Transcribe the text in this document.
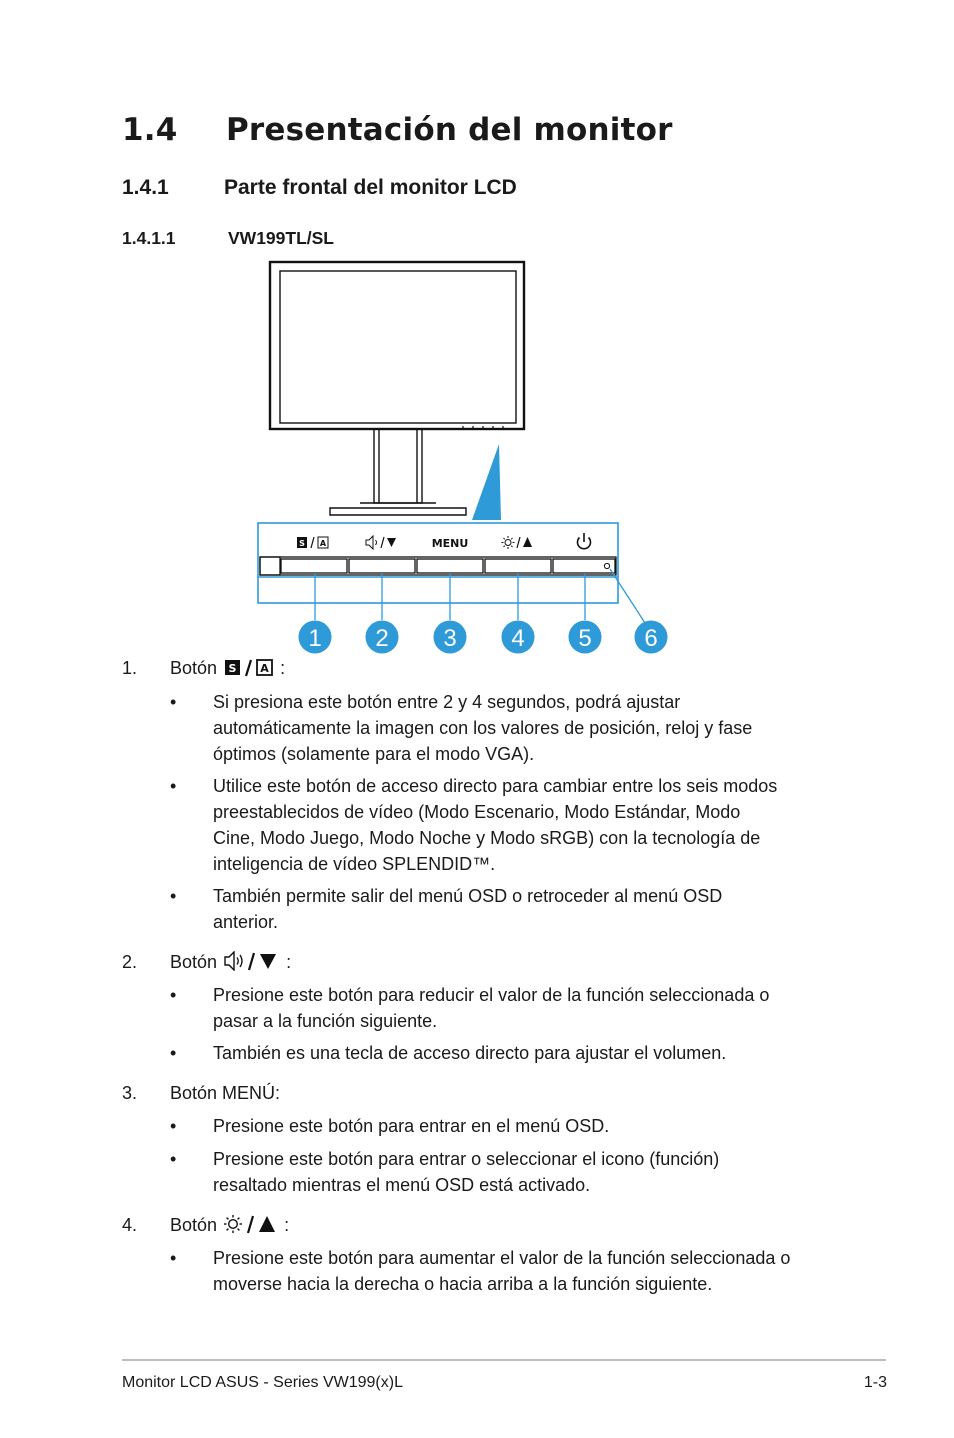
1.4 Presentación del monitor
1.4.1	Parte frontal del monitor LCD
1.4.1.1	VW199TL/SL
S A	MENU
1 2 3 4 5 6
1. Botón S A :
• Si presiona este botón entre 2 y 4 segundos, podrá ajustar
automáticamente la imagen con los valores de posición, reloj y fase
óptimos (solamente para el modo VGA).
• Utilice este botón de acceso directo para cambiar entre los seis modos
preestablecidos de vídeo (Modo Escenario, Modo Estándar, Modo
Cine, Modo Juego, Modo Noche y Modo sRGB) con la tecnología de
inteligencia de vídeo SPLENDID™.
• También permite salir del menú OSD o retroceder al menú OSD
anterior.
2. Botón	:
• Presione este botón para reducir el valor de la función seleccionada o
pasar a la función siguiente.
• También es una tecla de acceso directo para ajustar el volumen.
3. Botón MENÚ:
• Presione este botón para entrar en el menú OSD.
• Presione este botón para entrar o seleccionar el icono (función)
resaltado mientras el menú OSD está activado.
4. Botón	:
• Presione este botón para aumentar el valor de la función seleccionada o
moverse hacia la derecha o hacia arriba a la función siguiente.
Monitor LCD ASUS - Series VW199(x)L	1-3
